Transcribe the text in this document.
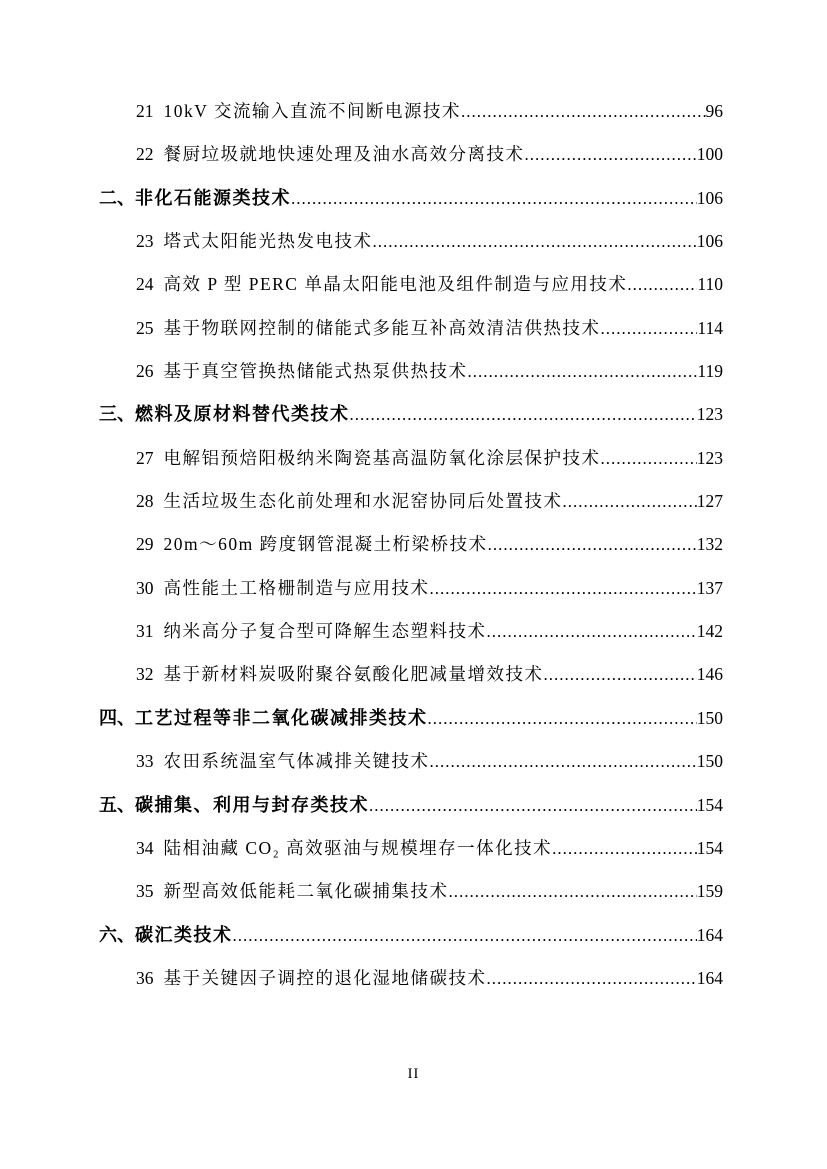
21 10kV 交流输入直流不间断电源技术 .....	96
22 餐厨垃圾就地快速处理及油水高效分离技术 .....	100
二、 非化石能源类技术 .....	106
23 塔式太阳能光热发电技术 .....	106
24 高效 P 型 PERC 单晶太阳能电池及组件制造与应用技术 .....	110
25 基于物联网控制的储能式多能互补高效清洁供热技术 .....	114
26 基于真空管换热储能式热泵供热技术 .....	119
三、 燃料及原材料替代类技术 .....	123
27 电解铝预焙阳极纳米陶瓷基高温防氧化涂层保护技术 .....	123
28 生活垃圾生态化前处理和水泥窑协同后处置技术 .....	127
29 20m～60m 跨度钢管混凝土桁梁桥技术 .....	132
30 高性能土工格栅制造与应用技术 .....	137
31 纳米高分子复合型可降解生态塑料技术 .....	142
32 基于新材料炭吸附聚谷氨酸化肥减量增效技术 .....	146
四、 工艺过程等非二氧化碳减排类技术 .....	150
33 农田系统温室气体减排关键技术 .....	150
五、 碳捕集、利用与封存类技术 .....	154
34 陆相油藏 CO₂ 高效驱油与规模埋存一体化技术 .....	154
35 新型高效低能耗二氧化碳捕集技术 .....	159
六、 碳汇类技术 .....	164
36 基于关键因子调控的退化湿地储碳技术 .....	164
II
